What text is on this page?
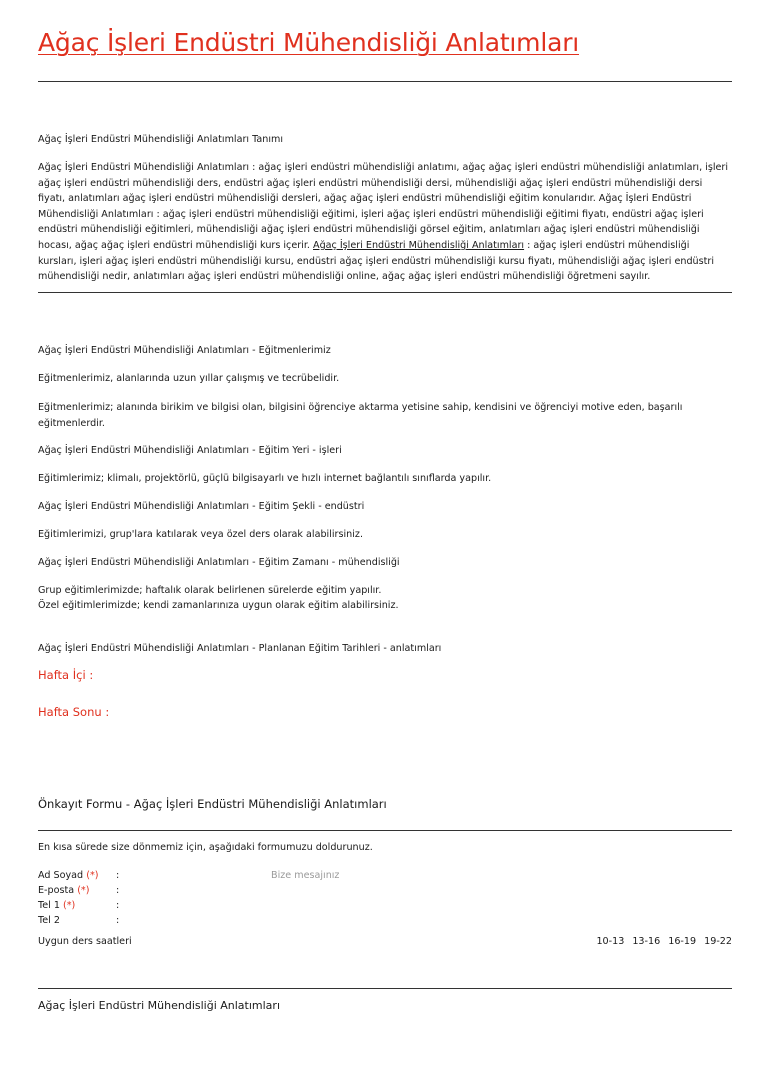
Ağaç İşleri Endüstri Mühendisliği Anlatımları
Ağaç İşleri Endüstri Mühendisliği Anlatımları Tanımı
Ağaç İşleri Endüstri Mühendisliği Anlatımları : ağaç işleri endüstri mühendisliği anlatımı, ağaç ağaç işleri endüstri mühendisliği anlatımları, işleri ağaç işleri endüstri mühendisliği ders, endüstri ağaç işleri endüstri mühendisliği dersi, mühendisliği ağaç işleri endüstri mühendisliği dersi fiyatı, anlatımları ağaç işleri endüstri mühendisliği dersleri, ağaç ağaç işleri endüstri mühendisliği eğitim konularıdır. Ağaç İşleri Endüstri Mühendisliği Anlatımları : ağaç işleri endüstri mühendisliği eğitimi, işleri ağaç işleri endüstri mühendisliği eğitimi fiyatı, endüstri ağaç işleri endüstri mühendisliği eğitimleri, mühendisliği ağaç işleri endüstri mühendisliği görsel eğitim, anlatımları ağaç işleri endüstri mühendisliği hocası, ağaç ağaç işleri endüstri mühendisliği kurs içerir. Ağaç İşleri Endüstri Mühendisliği Anlatımları : ağaç işleri endüstri mühendisliği kursları, işleri ağaç işleri endüstri mühendisliği kursu, endüstri ağaç işleri endüstri mühendisliği kursu fiyatı, mühendisliği ağaç işleri endüstri mühendisliği nedir, anlatımları ağaç işleri endüstri mühendisliği online, ağaç ağaç işleri endüstri mühendisliği öğretmeni sayılır.
Ağaç İşleri Endüstri Mühendisliği Anlatımları - Eğitmenlerimiz
Eğitmenlerimiz, alanlarında uzun yıllar çalışmış ve tecrübelidir.
Eğitmenlerimiz; alanında birikim ve bilgisi olan, bilgisini öğrenciye aktarma yetisine sahip, kendisini ve öğrenciyi motive eden, başarılı eğitmenlerdir.
Ağaç İşleri Endüstri Mühendisliği Anlatımları - Eğitim Yeri - işleri
Eğitimlerimiz; klimalı, projektörlü, güçlü bilgisayarlı ve hızlı internet bağlantılı sınıflarda yapılır.
Ağaç İşleri Endüstri Mühendisliği Anlatımları - Eğitim Şekli - endüstri
Eğitimlerimizi, grup'lara katılarak veya özel ders olarak alabilirsiniz.
Ağaç İşleri Endüstri Mühendisliği Anlatımları - Eğitim Zamanı - mühendisliği
Grup eğitimlerimizde; haftalık olarak belirlenen sürelerde eğitim yapılır.
Özel eğitimlerimizde; kendi zamanlarınıza uygun olarak eğitim alabilirsiniz.
Ağaç İşleri Endüstri Mühendisliği Anlatımları - Planlanan Eğitim Tarihleri - anlatımları
Hafta İçi :
Hafta Sonu :
Önkayıt Formu - Ağaç İşleri Endüstri Mühendisliği Anlatımları
En kısa sürede size dönmemiz için, aşağıdaki formumuzu doldurunuz.
Ad Soyad (*) :	Bize mesajınız
E-posta (*)	:
Tel 1 (*)	:
Tel 2	:
Uygun ders saatleri	10-13 13-16 16-19 19-22
Ağaç İşleri Endüstri Mühendisliği Anlatımları
